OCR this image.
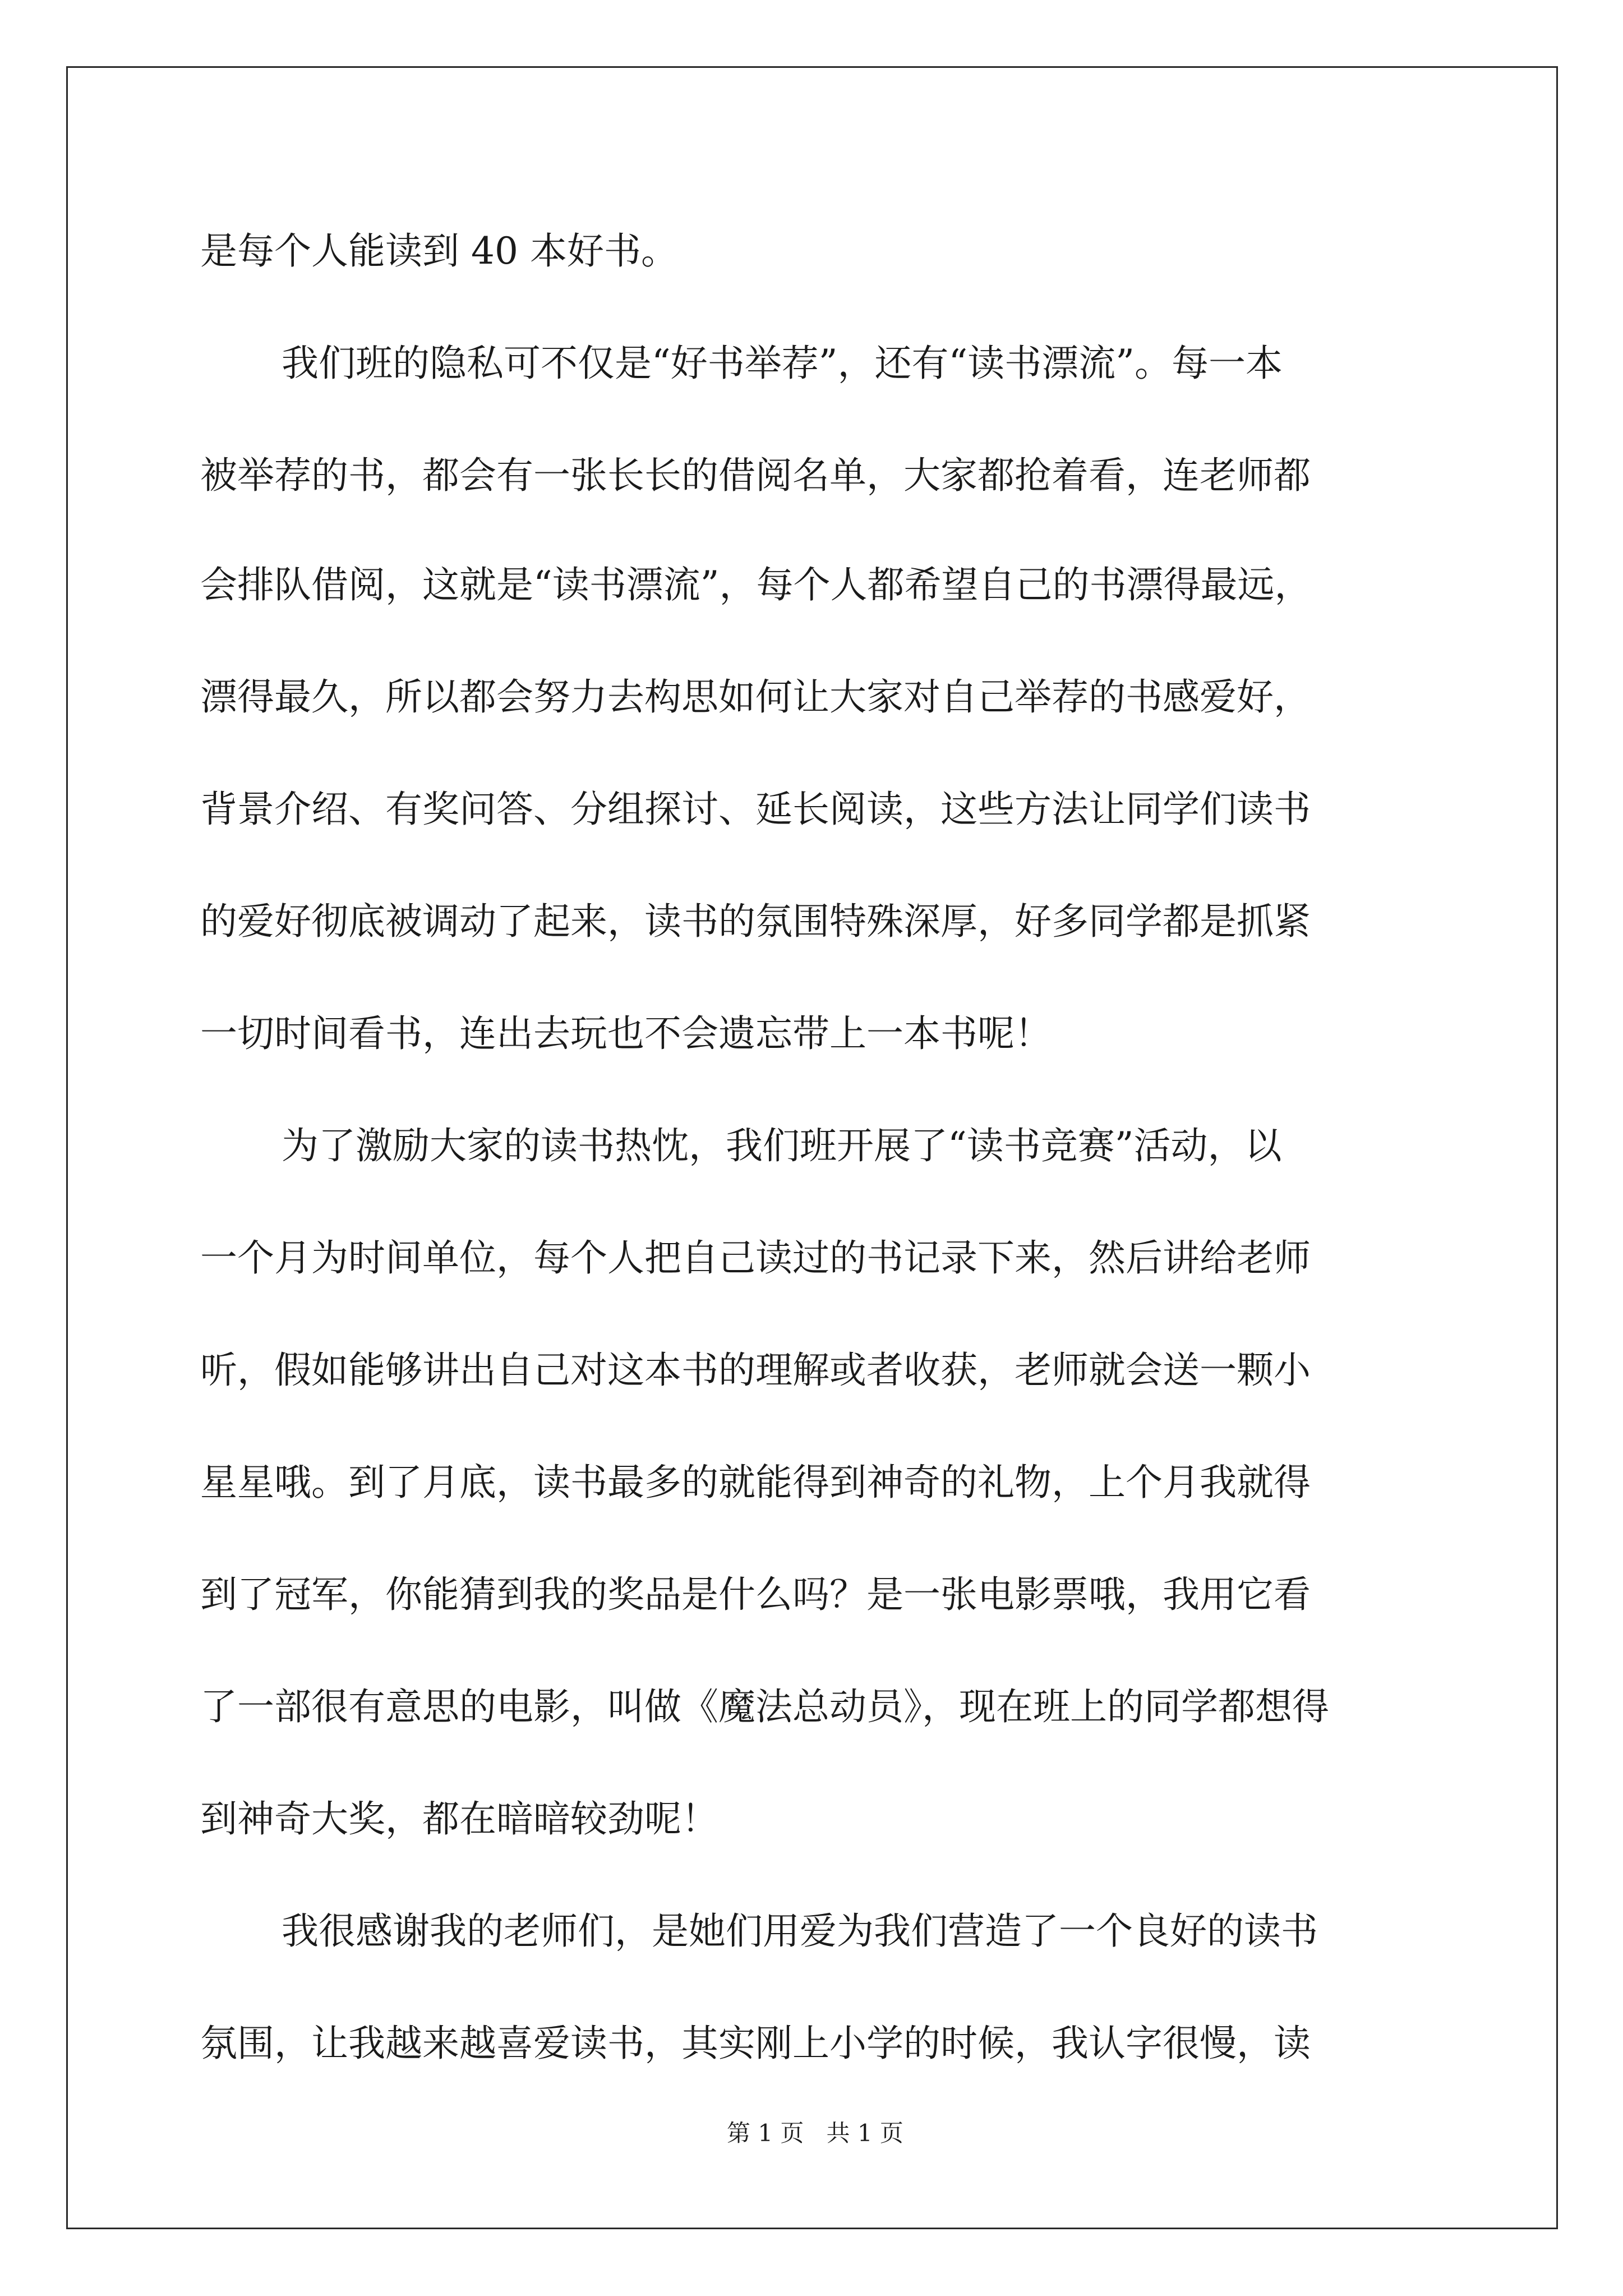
是每个人能读到 40 本好书。
我们班的隐私可不仅是“好书举荐”，还有“读书漂流”。每一本
被举荐的书，都会有一张长长的借阅名单，大家都抢着看，连老师都
会排队借阅，这就是“读书漂流”，每个人都希望自己的书漂得最远，
漂得最久，所以都会努力去构思如何让大家对自己举荐的书感爱好，
背景介绍、有奖问答、分组探讨、延长阅读，这些方法让同学们读书
的爱好彻底被调动了起来，读书的氛围特殊深厚，好多同学都是抓紧
一切时间看书，连出去玩也不会遗忘带上一本书呢！
为了激励大家的读书热忱，我们班开展了“读书竞赛”活动，以
一个月为时间单位，每个人把自己读过的书记录下来，然后讲给老师
听，假如能够讲出自己对这本书的理解或者收获，老师就会送一颗小
星星哦。到了月底，读书最多的就能得到神奇的礼物，上个月我就得
到了冠军，你能猜到我的奖品是什么吗？是一张电影票哦，我用它看
了一部很有意思的电影，叫做《魔法总动员》，现在班上的同学都想得
到神奇大奖，都在暗暗较劲呢！
我很感谢我的老师们，是她们用爱为我们营造了一个良好的读书
氛围，让我越来越喜爱读书，其实刚上小学的时候，我认字很慢，读
第 1 页   共 1 页
